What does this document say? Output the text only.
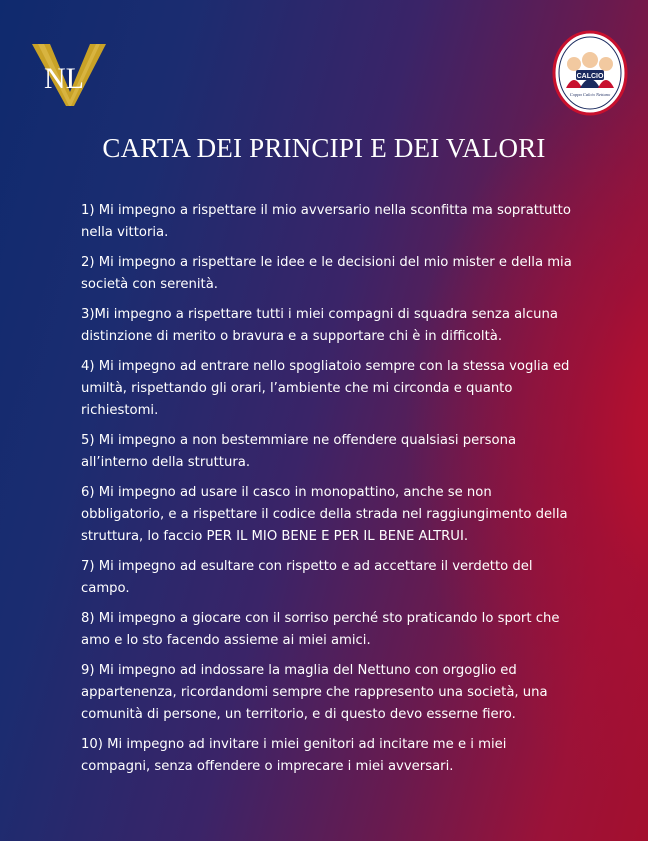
NL	CALCIO
Coppa Calcio Nettuno
CARTA DEI PRINCIPI E DEI VALORI
1) Mi impegno a rispettare il mio avversario nella sconfitta ma soprattutto
nella vittoria.
2) Mi impegno a rispettare le idee e le decisioni del mio mister e della mia
società con serenità.
3)Mi impegno a rispettare tutti i miei compagni di squadra senza alcuna
distinzione di merito o bravura e a supportare chi è in difficoltà.
4) Mi impegno ad entrare nello spogliatoio sempre con la stessa voglia ed
umiltà, rispettando gli orari, l’ambiente che mi circonda e quanto
richiestomi.
5) Mi impegno a non bestemmiare ne offendere qualsiasi persona
all’interno della struttura.
6) Mi impegno ad usare il casco in monopattino, anche se non
obbligatorio, e a rispettare il codice della strada nel raggiungimento della
struttura, lo faccio PER IL MIO BENE E PER IL BENE ALTRUI.
7) Mi impegno ad esultare con rispetto e ad accettare il verdetto del
campo.
8) Mi impegno a giocare con il sorriso perché sto praticando lo sport che
amo e lo sto facendo assieme ai miei amici.
9) Mi impegno ad indossare la maglia del Nettuno con orgoglio ed
appartenenza, ricordandomi sempre che rappresento una società, una
comunità di persone, un territorio, e di questo devo esserne fiero.
10) Mi impegno ad invitare i miei genitori ad incitare me e i miei
compagni, senza offendere o imprecare i miei avversari.
